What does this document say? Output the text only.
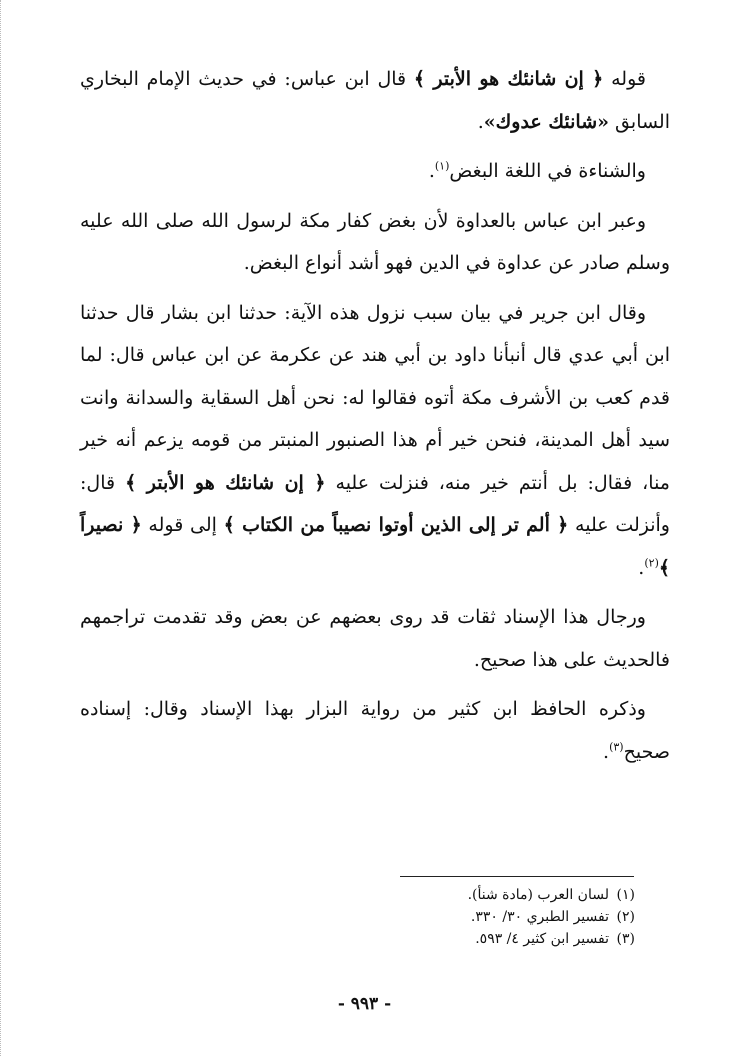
قوله ﴿ إن شانئك هو الأبتر ﴾ قال ابن عباس: في حديث الإمام البخاري السابق «شانئك عدوك».

والشناءة في اللغة البغض$^{(١)}$.

وعبر ابن عباس بالعداوة لأن بغض كفار مكة لرسول الله صلى الله عليه وسلم صادر عن عداوة في الدين فهو أشد أنواع البغض.

وقال ابن جرير في بيان سبب نزول هذه الآية: حدثنا ابن بشار قال حدثنا ابن أبي عدي قال أنبأنا داود بن أبي هند عن عكرمة عن ابن عباس قال: لما قدم كعب بن الأشرف مكة أتوه فقالوا له: نحن أهل السقاية والسدانة وانت سيد أهل المدينة، فنحن خير أم هذا الصنبور المنبتر من قومه يزعم أنه خير منا، فقال: بل أنتم خير منه، فنزلت عليه ﴿ إن شانئك هو الأبتر ﴾ قال: وأنزلت عليه ﴿ ألم تر إلى الذين أوتوا نصيباً من الكتاب ﴾ إلى قوله ﴿ نصيراً ﴾$^{(٢)}$.

ورجال هذا الإسناد ثقات قد روى بعضهم عن بعض وقد تقدمت تراجمهم فالحديث على هذا صحيح.

وذكره الحافظ ابن كثير من رواية البزار بهذا الإسناد وقال: إسناده صحيح$^{(٣)}$.

(١)لسان العرب (مادة شنأ).
(٢)تفسير الطبري ٣٠/ ٣٣٠.
(٣)تفسير ابن كثير ٤/ ٥٩٣.
- ٩٩٣ -
